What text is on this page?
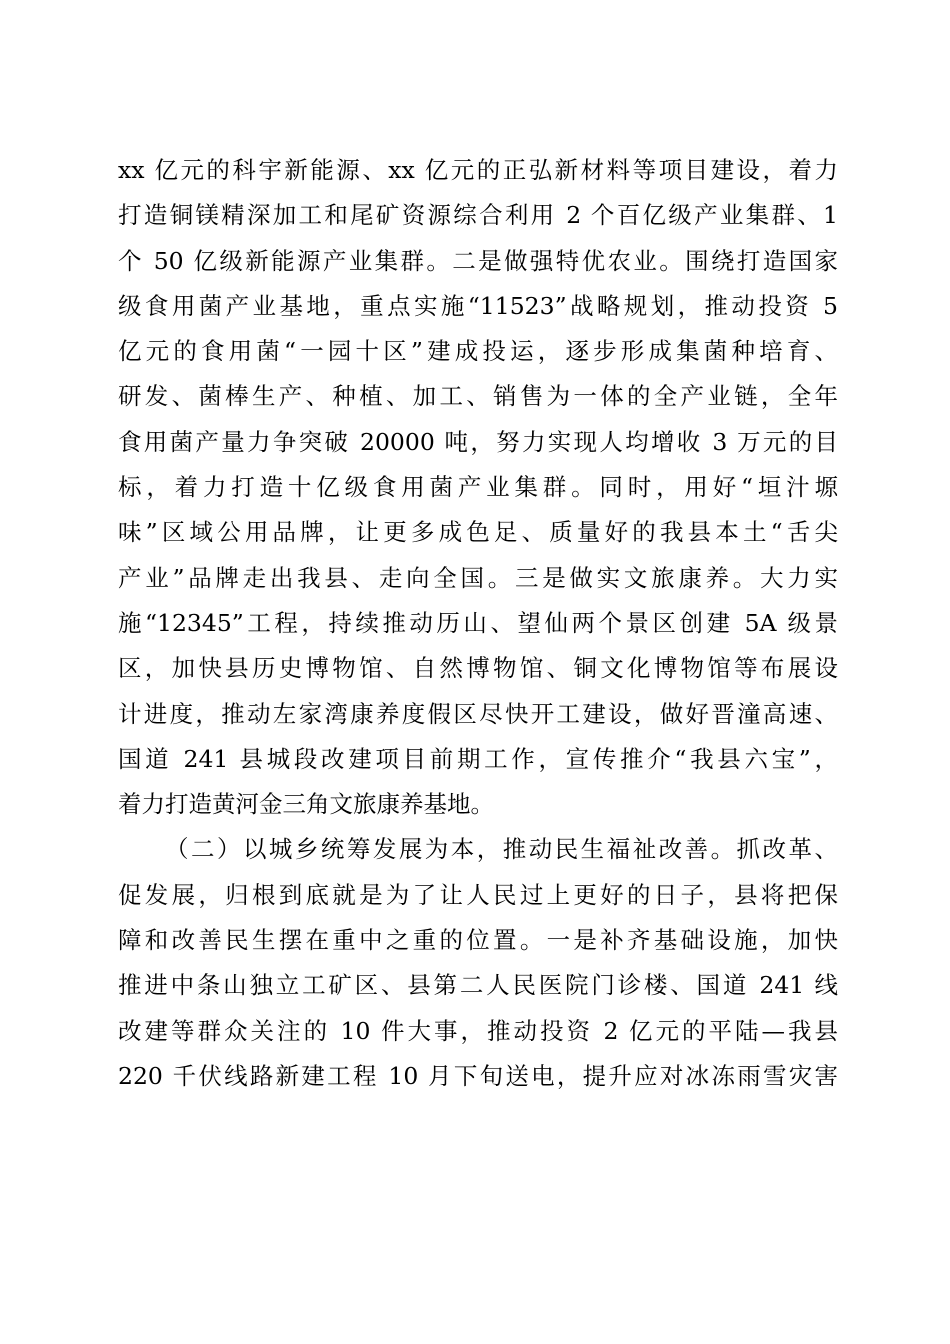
xx 亿元的科宇新能源、xx 亿元的正弘新材料等项目建设，着力
打造铜镁精深加工和尾矿资源综合利用 2 个百亿级产业集群、1
个 50 亿级新能源产业集群。二是做强特优农业。围绕打造国家
级食用菌产业基地，重点实施“11523”战略规划，推动投资 5
亿元的食用菌“一园十区”建成投运，逐步形成集菌种培育、
研发、菌棒生产、种植、加工、销售为一体的全产业链，全年
食用菌产量力争突破 20000 吨，努力实现人均增收 3 万元的目
标，着力打造十亿级食用菌产业集群。同时，用好“垣汁塬
味”区域公用品牌，让更多成色足、质量好的我县本土“舌尖
产业”品牌走出我县、走向全国。三是做实文旅康养。大力实
施“12345”工程，持续推动历山、望仙两个景区创建 5A 级景
区，加快县历史博物馆、自然博物馆、铜文化博物馆等布展设
计进度，推动左家湾康养度假区尽快开工建设，做好晋潼高速、
国道 241 县城段改建项目前期工作，宣传推介“我县六宝”，
着力打造黄河金三角文旅康养基地。
（二）以城乡统筹发展为本，推动民生福祉改善。抓改革、
促发展，归根到底就是为了让人民过上更好的日子，县将把保
障和改善民生摆在重中之重的位置。一是补齐基础设施，加快
推进中条山独立工矿区、县第二人民医院门诊楼、国道 241 线
改建等群众关注的 10 件大事，推动投资 2 亿元的平陆—我县
220 千伏线路新建工程 10 月下旬送电，提升应对冰冻雨雪灾害
